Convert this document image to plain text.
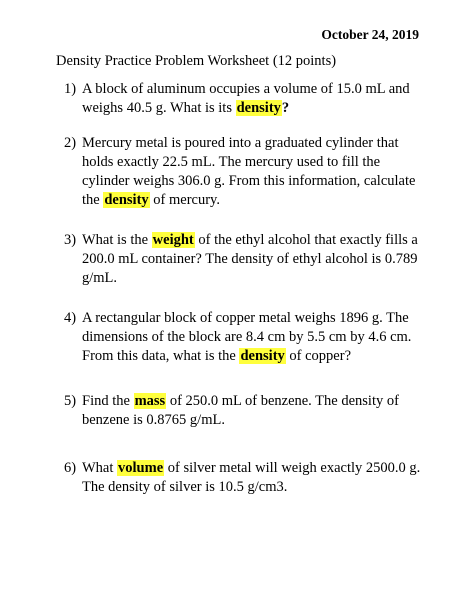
October 24, 2019
Density Practice Problem Worksheet (12 points)
1) A block of aluminum occupies a volume of 15.0 mL and weighs 40.5 g. What is its density?
2) Mercury metal is poured into a graduated cylinder that holds exactly 22.5 mL. The mercury used to fill the cylinder weighs 306.0 g. From this information, calculate the density of mercury.
3) What is the weight of the ethyl alcohol that exactly fills a 200.0 mL container? The density of ethyl alcohol is 0.789 g/mL.
4) A rectangular block of copper metal weighs 1896 g. The dimensions of the block are 8.4 cm by 5.5 cm by 4.6 cm. From this data, what is the density of copper?
5) Find the mass of 250.0 mL of benzene. The density of benzene is 0.8765 g/mL.
6) What volume of silver metal will weigh exactly 2500.0 g. The density of silver is 10.5 g/cm3.
